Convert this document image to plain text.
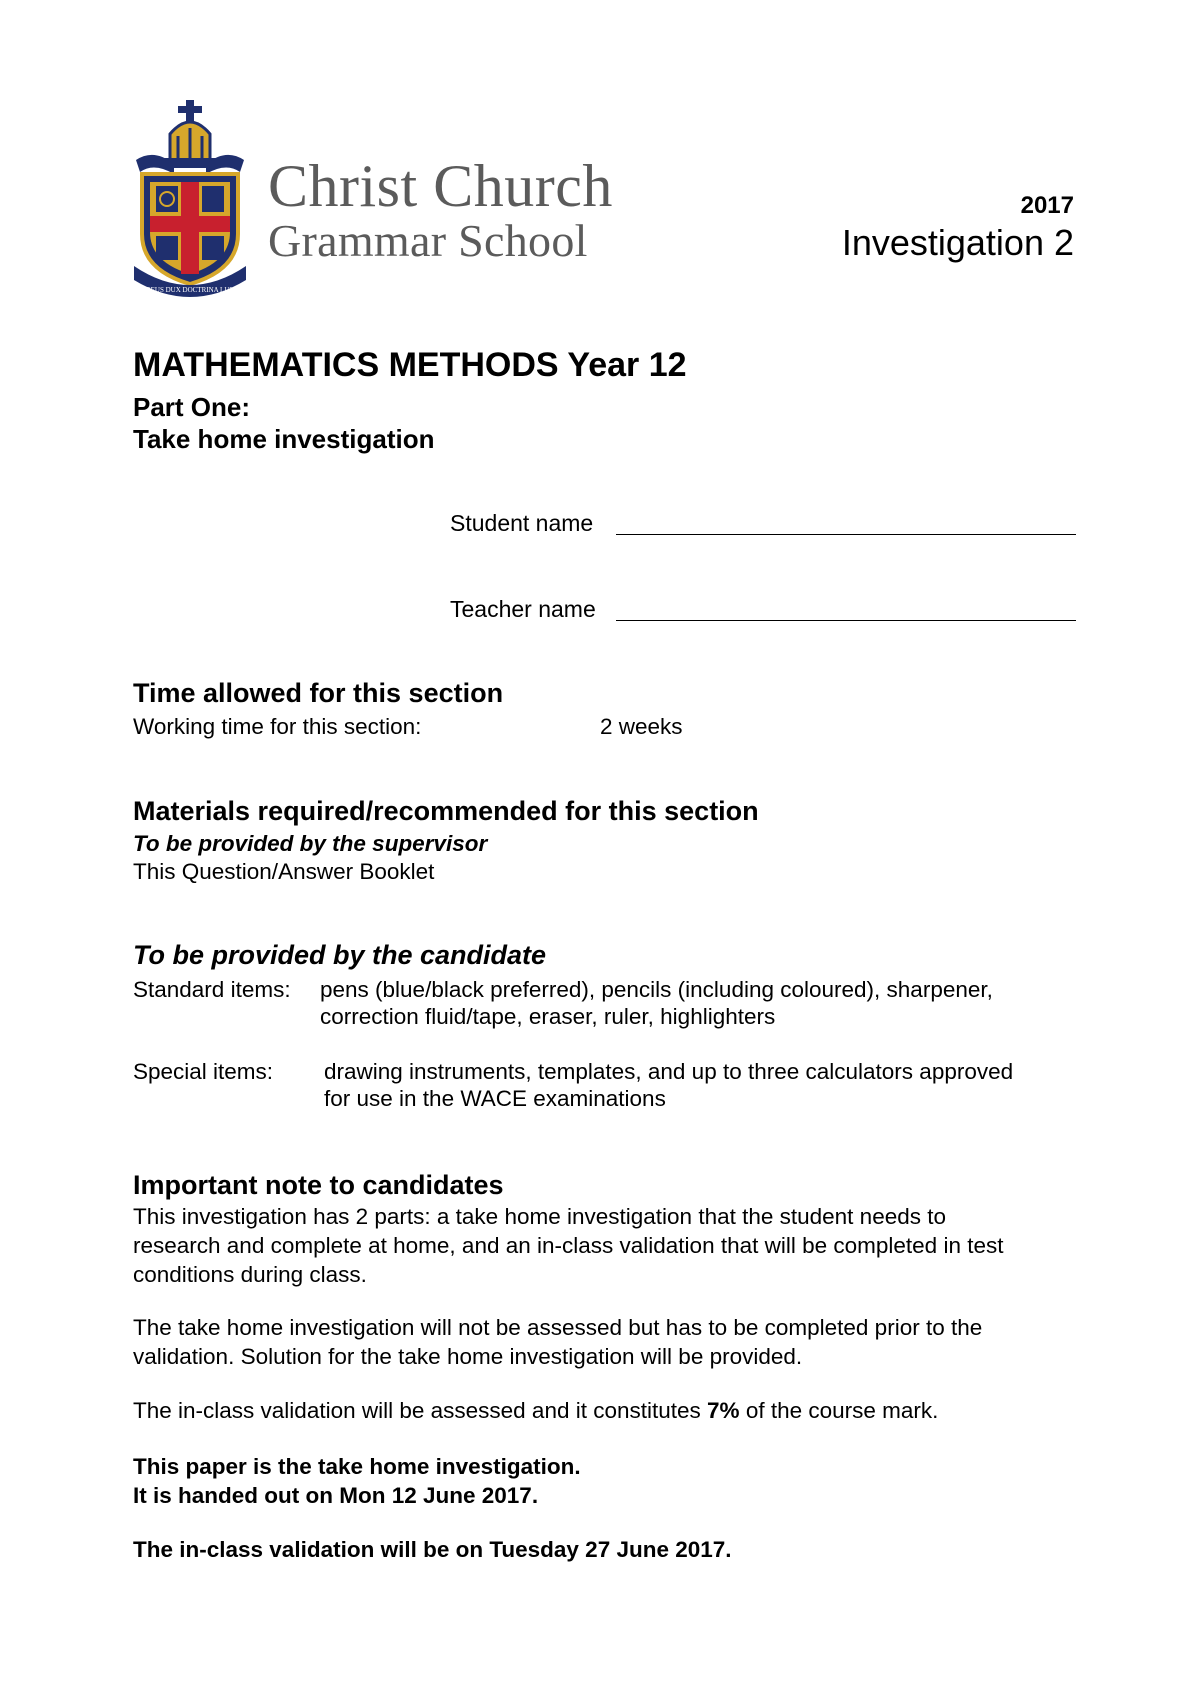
DEUS DUX DOCTRINA LUX
Christ Church
Grammar School
2017
Investigation 2
MATHEMATICS METHODS Year 12
Part One:
Take home investigation
Student name
Teacher name
Time allowed for this section
Working time for this section:	2 weeks
Materials required/recommended for this section
To be provided by the supervisor
This Question/Answer Booklet
To be provided by the candidate
Standard items: pens (blue/black preferred), pencils (including coloured), sharpener,
correction fluid/tape, eraser, ruler, highlighters
Special items: drawing instruments, templates, and up to three calculators approved
for use in the WACE examinations
Important note to candidates
This investigation has 2 parts: a take home investigation that the student needs to
research and complete at home, and an in-class validation that will be completed in test
conditions during class.
The take home investigation will not be assessed but has to be completed prior to the
validation. Solution for the take home investigation will be provided.
The in-class validation will be assessed and it constitutes 7% of the course mark.
This paper is the take home investigation.
It is handed out on Mon 12 June 2017.
The in-class validation will be on Tuesday 27 June 2017.
